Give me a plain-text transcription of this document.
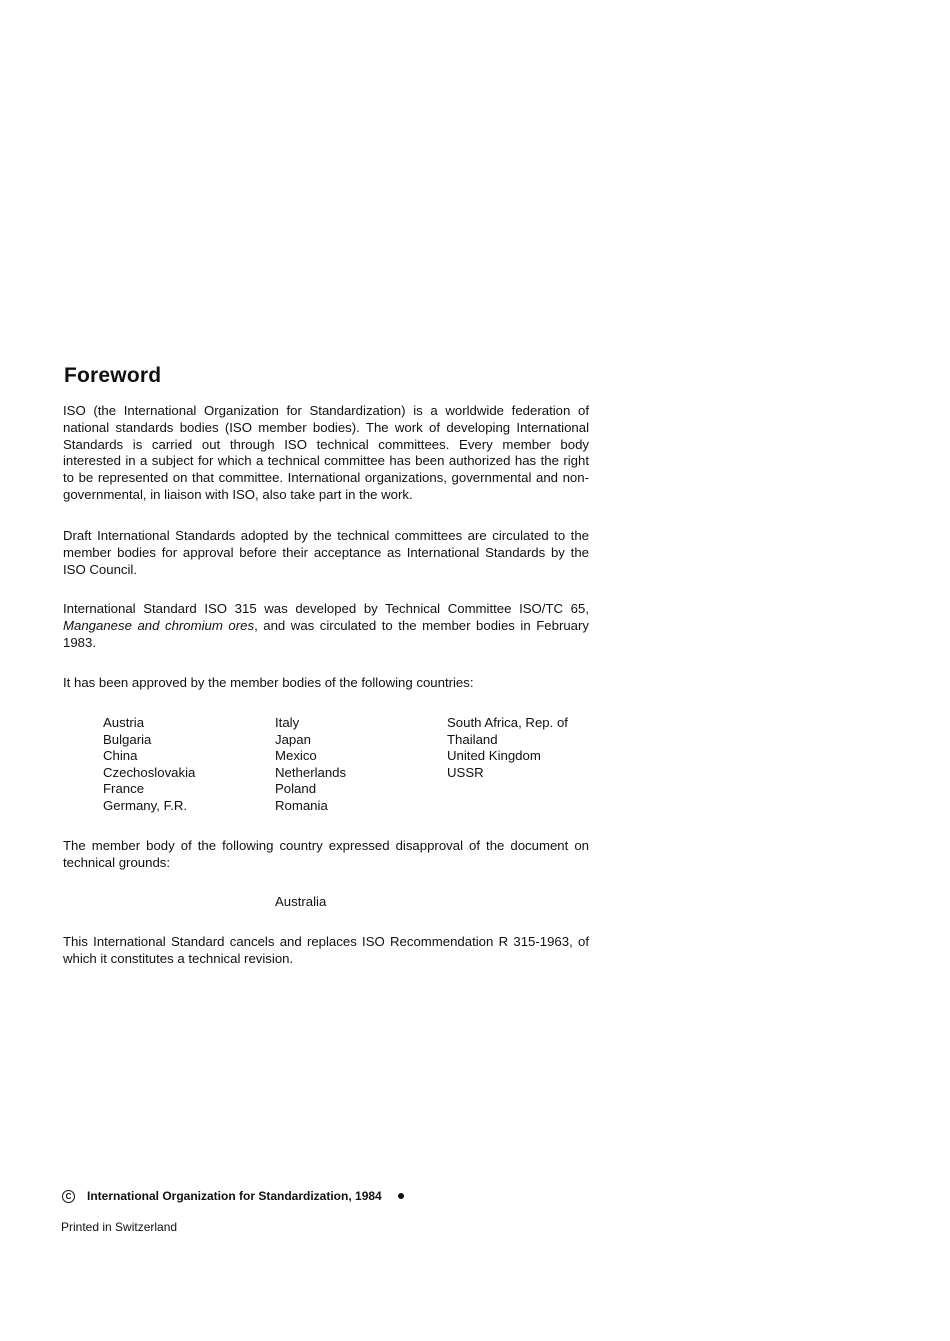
Foreword

ISO (the International Organization for Standardization) is a worldwide federation of national standards bodies (ISO member bodies). The work of developing International Standards is carried out through ISO technical committees. Every member body interested in a subject for which a technical committee has been authorized has the right to be represented on that committee. International organizations, governmental and non-governmental, in liaison with ISO, also take part in the work.

Draft International Standards adopted by the technical committees are circulated to the member bodies for approval before their acceptance as International Standards by the ISO Council.

International Standard ISO 315 was developed by Technical Committee ISO/TC 65, Manganese and chromium ores, and was circulated to the member bodies in February 1983.

It has been approved by the member bodies of the following countries:

Austria
Bulgaria
China
Czechoslovakia
France
Germany, F.R.
Italy
Japan
Mexico
Netherlands
Poland
Romania
South Africa, Rep. of
Thailand
United Kingdom
USSR

The member body of the following country expressed disapproval of the document on technical grounds:

Australia

This International Standard cancels and replaces ISO Recommendation R 315-1963, of which it constitutes a technical revision.

C	International Organization for Standardization, 1984
Printed in Switzerland
